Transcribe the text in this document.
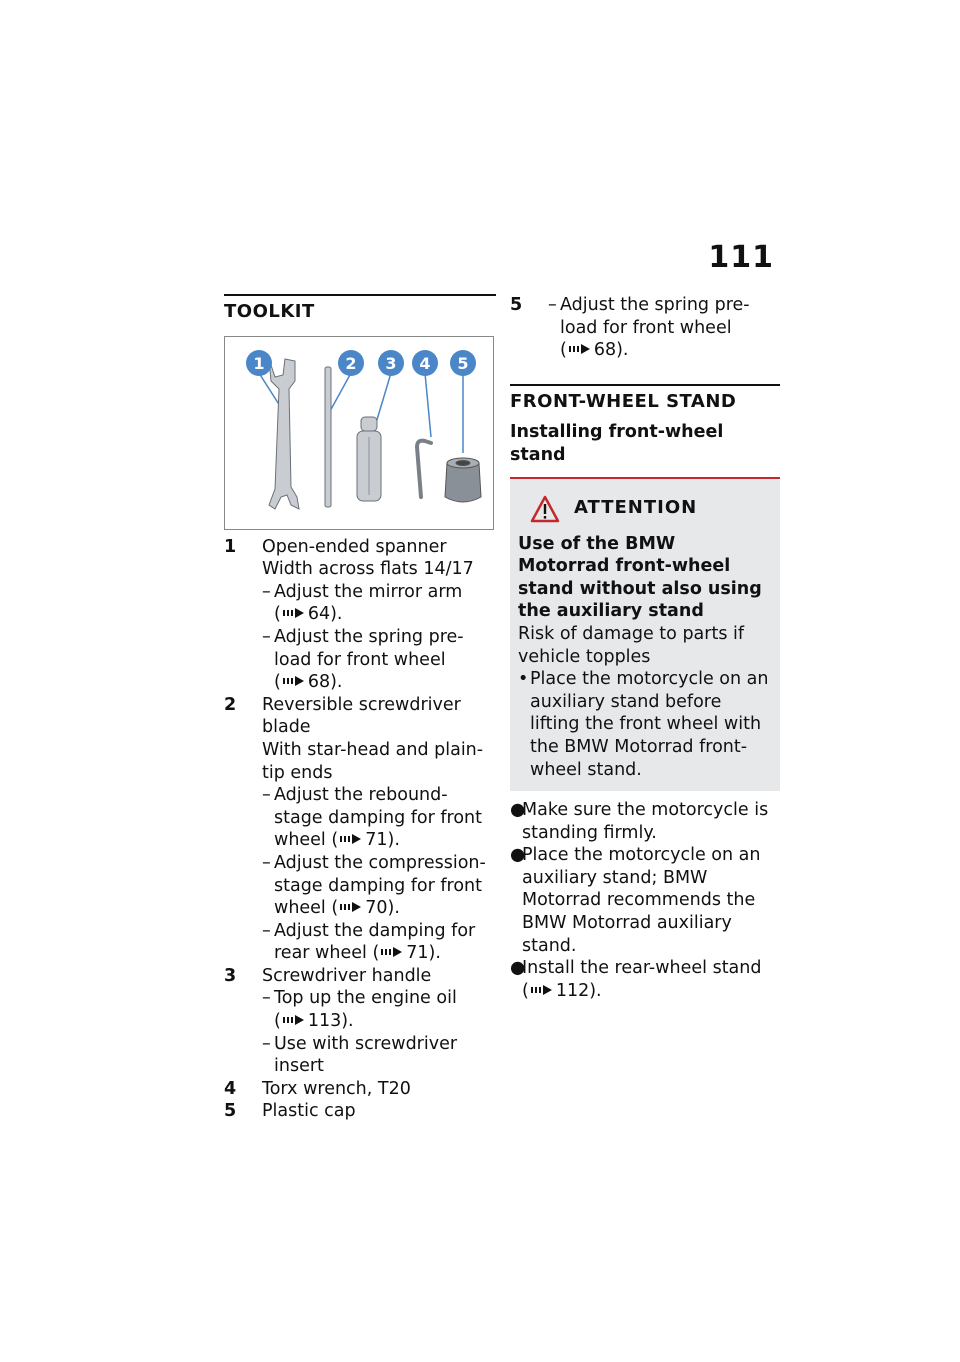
111
TOOLKIT
1	2 3 4 5
1	Open-ended spanner
Width across flats 14/17
– Adjust the mirror arm
( 64).
– Adjust the spring pre-load for front wheel
( 68).
2	Reversible screwdriver blade
With star-head and plain-tip ends
– Adjust the rebound-stage damping for front wheel ( 71).
– Adjust the compression-stage damping for front wheel ( 70).
– Adjust the damping for rear wheel ( 71).
3	Screwdriver handle
– Top up the engine oil
( 113).
– Use with screwdriver insert
4	Torx wrench, T20
5	Plastic cap
5	– Adjust the spring pre-load for front wheel
( 68).
FRONT-WHEEL STAND
Installing front-wheel stand
ATTENTION
Use of the BMW Motorrad front-wheel stand without also using the auxiliary stand
Risk of damage to parts if vehicle topples
• Place the motorcycle on an auxiliary stand before lifting the front wheel with the BMW Motorrad front-wheel stand.
●
Make sure the motorcycle is standing firmly.
●
Place the motorcycle on an auxiliary stand; BMW Motorrad recommends the BMW Motorrad auxiliary stand.
●
Install the rear-wheel stand
( 112).
